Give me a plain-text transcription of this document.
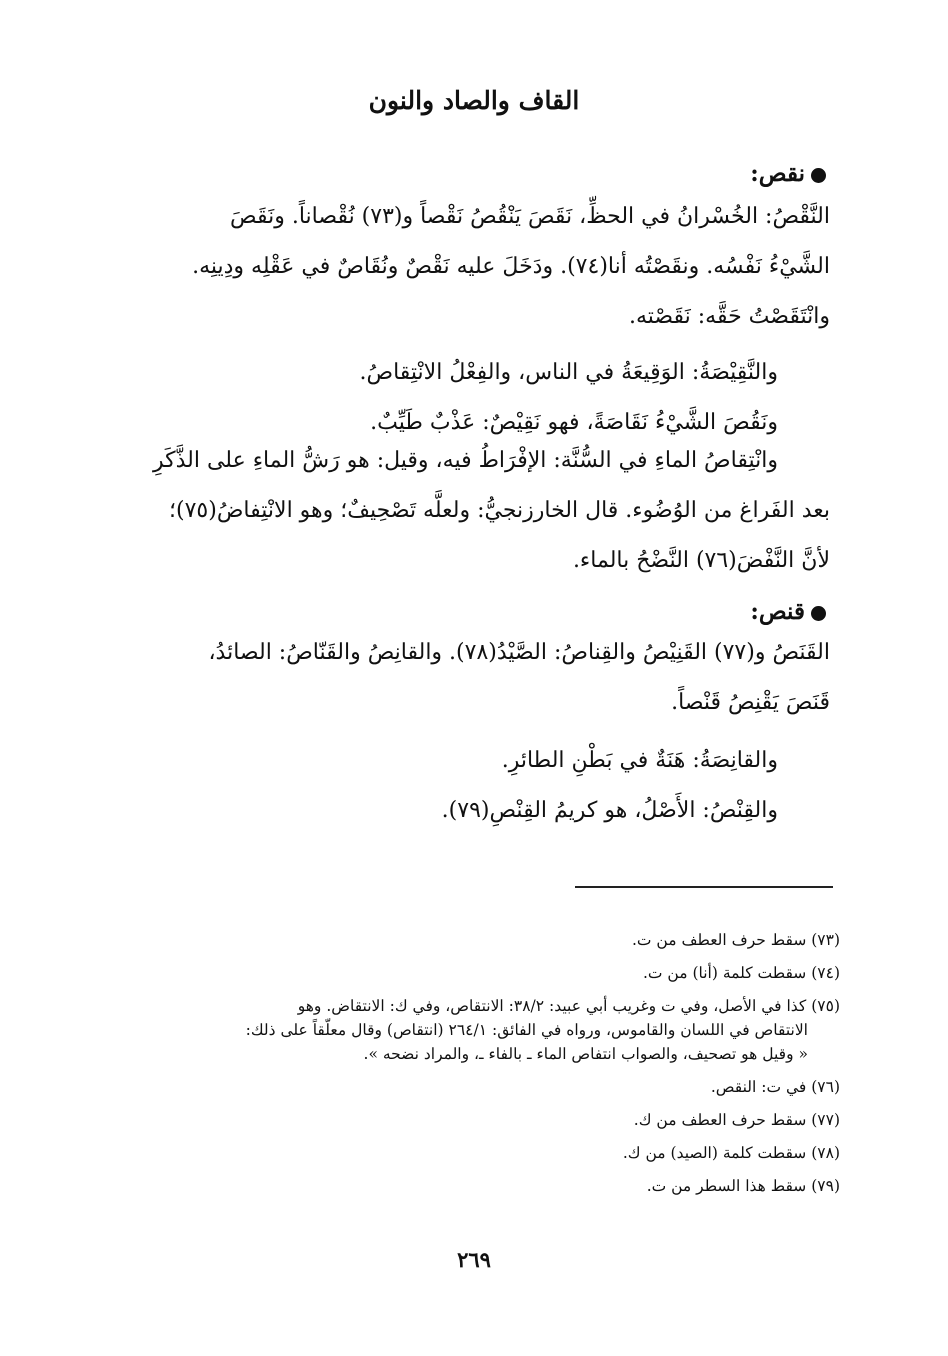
القاف والصاد والنون
نقص:

النَّقْصُ: الخُسْرانُ في الحظِّ، نَقَصَ يَنْقُصُ نَقْصاً و(٧٣) نُقْصاناً. ونَقَصَ

الشَّيْءُ نَفْسُه. ونقَصْتُه أنا(٧٤). ودَخَلَ عليه نَقْصٌ ونُقَاصٌ في عَقْلِه ودِينِه.

وانْتَقَصْتُ حَقَّه: نَقَصْته.

والنَّقِيْصَةُ: الوَقِيعَةُ في الناس، والفِعْلُ الانْتِقاصُ.

ونَقُصَ الشَّيْءُ نَقَاصَةً، فهو نَقِيْصٌ: عَذْبٌ طَيِّبٌ.

وانْتِقاصُ الماءِ في السُّنَّة: الإفْرَاطُ فيه، وقيل: هو رَشُّ الماءِ على الذَّكَرِ

بعد الفَراغ من الوُضُوء. قال الخارزنجيُّ: ولعلَّه تَصْحِيفٌ؛ وهو الانْتِفاضُ(٧٥)؛

لأنَّ النَّفْضَ(٧٦) النَّضْحُ بالماء.

قنص:

القَنَصُ و(٧٧) القَنِيْصُ والقِناصُ: الصَّيْدُ(٧٨). والقانِصُ والقَنّاصُ: الصائدُ،

قَنَصَ يَقْنِصُ قَنْصاً.

والقانِصَةُ: هَنَةٌ في بَطْنِ الطائرِ.

والقِنْصُ: الأَصْلُ، هو كريمُ القِنْصِ(٧٩).

(٧٣) سقط حرف العطف من ت.

(٧٤) سقطت كلمة (أنا) من ت.

(٧٥) كذا في الأصل، وفي ت وغريب أبي عبيد: ٣٨/٢: الانتقاص، وفي ك: الانتقاض. وهو
الانتقاص في اللسان والقاموس، ورواه في الفائق: ٢٦٤/١ (انتقاص) وقال معلّقاً على ذلك:
« وقيل هو تصحيف، والصواب انتفاص الماء ـ بالفاء ـ، والمراد نضحه ».

(٧٦) في ت: النقص.

(٧٧) سقط حرف العطف من ك.

(٧٨) سقطت كلمة (الصيد) من ك.

(٧٩) سقط هذا السطر من ت.

٢٦٩
